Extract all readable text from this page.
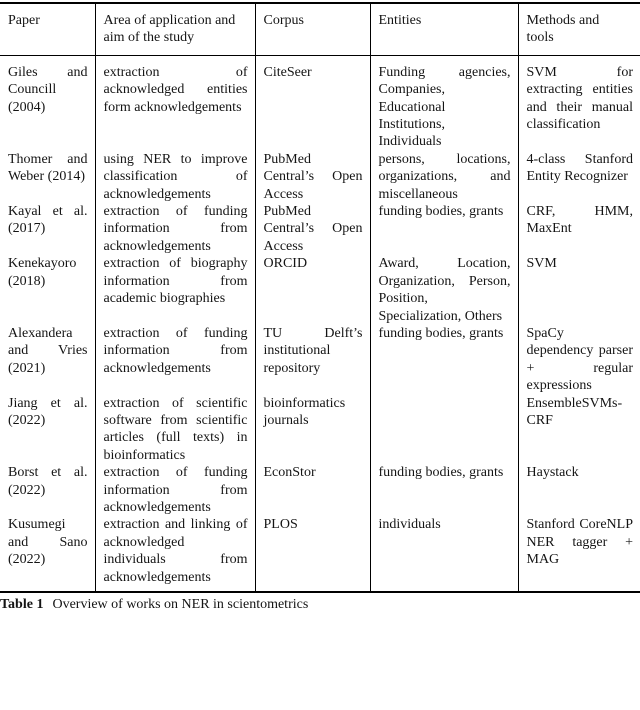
Paper	Area of application and aim of the study	Corpus	Entities	Methods and tools
Giles and Councill (2004)	extraction of acknowledged entities form acknowledgements	CiteSeer	Funding agencies, Companies, Educational Institutions, Individuals	SVM for extracting entities and their manual classification
Thomer and Weber (2014)	using NER to improve classification of acknowledgements	PubMed Central’s Open Access	persons, locations, organizations, and miscellaneous	4-class Stanford Entity Recognizer
Kayal et al. (2017)	extraction of funding information from acknowledgements	PubMed Central’s Open Access	funding bodies, grants	CRF, HMM, MaxEnt
Kenekayoro (2018)	extraction of biography information from academic biographies	ORCID	Award, Location, Organization, Person, Position, Specialization, Others	SVM
Alexandera and Vries (2021)	extraction of funding information from acknowledgements	TU Delft’s institutional repository	funding bodies, grants	SpaCy dependency parser + regular expressions
Jiang et al. (2022)	extraction of scientific software from scientific articles (full texts) in bioinformatics	bioinformatics journals		EnsembleSVMs-CRF
Borst et al. (2022)	extraction of funding information from acknowledgements	EconStor	funding bodies, grants	Haystack
Kusumegi and Sano (2022)	extraction and linking of acknowledged individuals from acknowledgements	PLOS	individuals	Stanford CoreNLP NER tagger + MAG
Table 1 Overview of works on NER in scientometrics
